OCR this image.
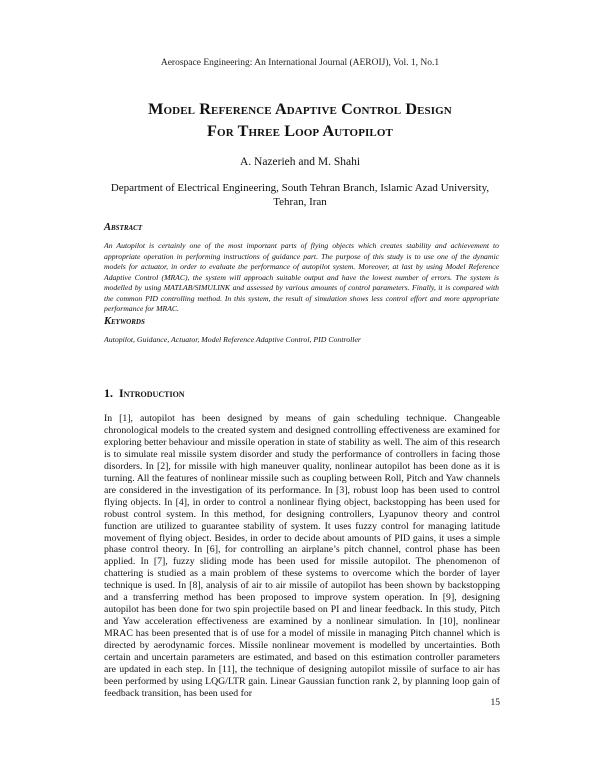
Aerospace Engineering: An International Journal (AEROIJ), Vol. 1, No.1
Model Reference Adaptive Control Design
For Three Loop Autopilot
A. Nazerieh and M. Shahi
Department of Electrical Engineering, South Tehran Branch, Islamic Azad University,
Tehran, Iran
Abstract
An Autopilot is certainly one of the most important parts of flying objects which creates stability and achievement to appropriate operation in performing instructions of guidance part. The purpose of this study is to use one of the dynamic models for actuator, in order to evaluate the performance of autopilot system. Moreover, at last by using Model Reference Adaptive Control (MRAC), the system will approach suitable output and have the lowest number of errors. The system is modelled by using MATLAB/SIMULINK and assessed by various amounts of control parameters. Finally, it is compared with the common PID controlling method. In this system, the result of simulation shows less control effort and more appropriate performance for MRAC.
Keywords
Autopilot, Guidance, Actuator, Model Reference Adaptive Control, PID Controller
1. Introduction
In [1], autopilot has been designed by means of gain scheduling technique. Changeable chronological models to the created system and designed controlling effectiveness are examined for exploring better behaviour and missile operation in state of stability as well. The aim of this research is to simulate real missile system disorder and study the performance of controllers in facing those disorders. In [2], for missile with high maneuver quality, nonlinear autopilot has been done as it is turning. All the features of nonlinear missile such as coupling between Roll, Pitch and Yaw channels are considered in the investigation of its performance. In [3], robust loop has been used to control flying objects. In [4], in order to control a nonlinear flying object, backstopping has been used for robust control system. In this method, for designing controllers, Lyapunov theory and control function are utilized to guarantee stability of system. It uses fuzzy control for managing latitude movement of flying object. Besides, in order to decide about amounts of PID gains, it uses a simple phase control theory. In [6], for controlling an airplane’s pitch channel, control phase has been applied. In [7], fuzzy sliding mode has been used for missile autopilot. The phenomenon of chattering is studied as a main problem of these systems to overcome which the border of layer technique is used. In [8], analysis of air to air missile of autopilot has been shown by backstopping and a transferring method has been proposed to improve system operation. In [9], designing autopilot has been done for two spin projectile based on PI and linear feedback. In this study, Pitch and Yaw acceleration effectiveness are examined by a nonlinear simulation. In [10], nonlinear MRAC has been presented that is of use for a model of missile in managing Pitch channel which is directed by aerodynamic forces. Missile nonlinear movement is modelled by uncertainties. Both certain and uncertain parameters are estimated, and based on this estimation controller parameters are updated in each step. In [11], the technique of designing autopilot missile of surface to air has been performed by using LQG/LTR gain. Linear Gaussian function rank 2, by planning loop gain of feedback transition, has been used for
15
